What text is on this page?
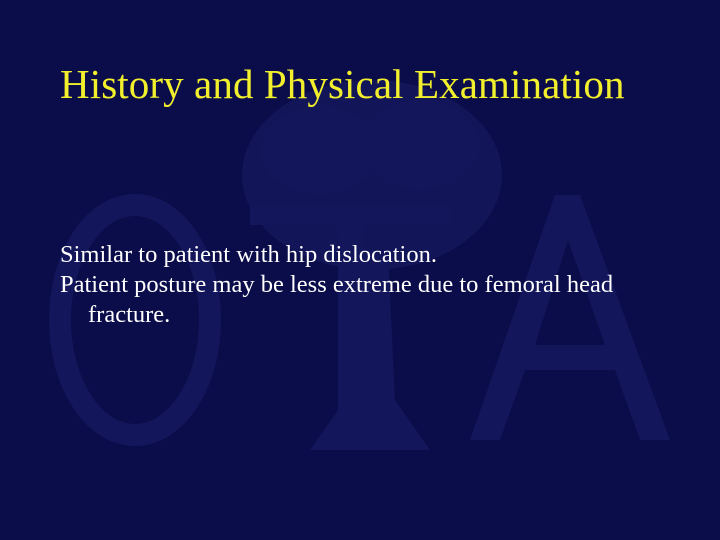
History and Physical Examination
Similar to patient with hip dislocation.
Patient posture may be less extreme due to femoral head fracture.
